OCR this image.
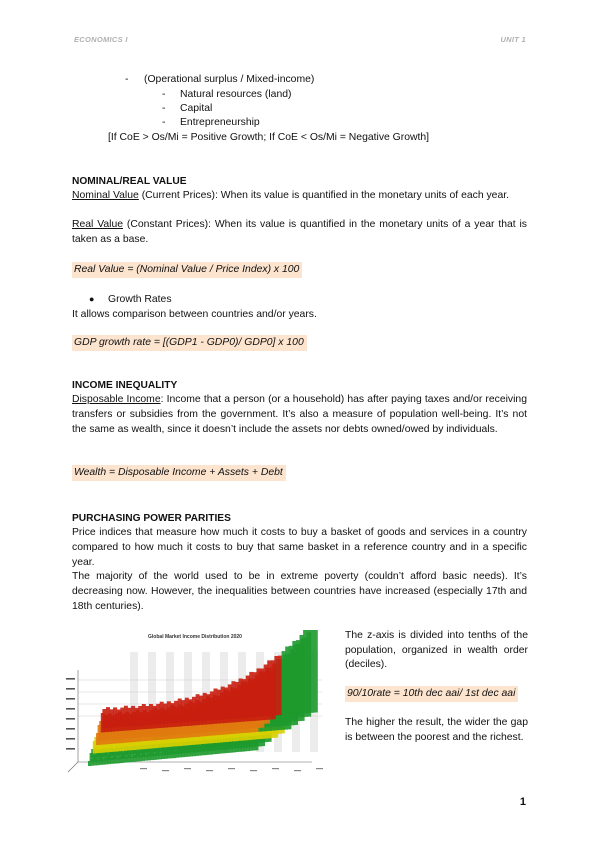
ECONOMICS I	UNIT 1
- (Operational surplus / Mixed-income)
- Natural resources (land)
- Capital
- Entrepreneurship
[If CoE > Os/Mi = Positive Growth; If CoE < Os/Mi = Negative Growth]
NOMINAL/REAL VALUE
Nominal Value (Current Prices): When its value is quantified in the monetary units of each year.
Real Value (Constant Prices): When its value is quantified in the monetary units of a year that is taken as a base.
Real Value = (Nominal Value / Price Index) x 100
● Growth Rates
It allows comparison between countries and/or years.
GDP growth rate = [(GDP1 - GDP0)/ GDP0] x 100
INCOME INEQUALITY
Disposable Income: Income that a person (or a household) has after paying taxes and/or receiving transfers or subsidies from the government. It’s also a measure of population well-being. It’s not the same as wealth, since it doesn’t include the assets nor debts owned/owed by individuals.
Wealth = Disposable Income + Assets + Debt
PURCHASING POWER PARITIES
Price indices that measure how much it costs to buy a basket of goods and services in a country compared to how much it costs to buy that same basket in a reference country and in a specific year.
The majority of the world used to be in extreme poverty (couldn’t afford basic needs). It’s decreasing now. However, the inequalities between countries have increased (especially 17th and 18th centuries).
Global Market Income Distribution 2020	The z-axis is divided into tenths of the population, organized in wealth order (deciles).
90/10rate = 10th dec aai/ 1st dec aai
The higher the result, the wider the gap is between the poorest and the richest.
1
